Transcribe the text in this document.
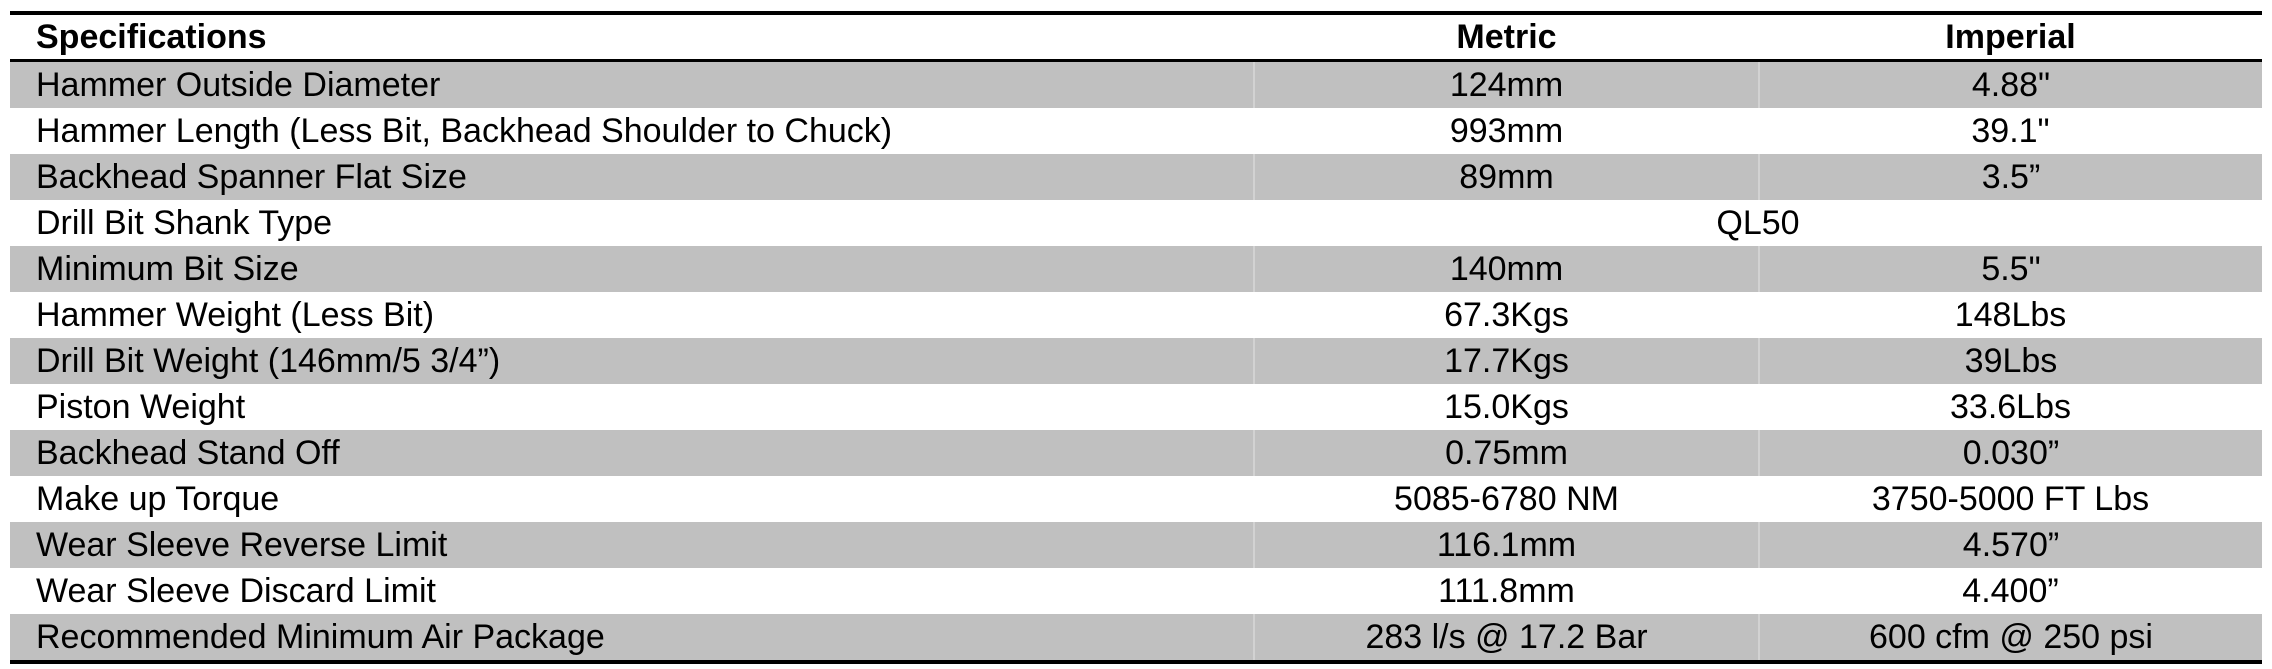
Specifications	Metric	Imperial
Hammer Outside Diameter	124mm	4.88"
Hammer Length (Less Bit, Backhead Shoulder to Chuck)	993mm	39.1"
Backhead Spanner Flat Size	89mm	3.5”
Drill Bit Shank Type	QL50	
Minimum Bit Size	140mm	5.5"
Hammer Weight (Less Bit)	67.3Kgs	148Lbs
Drill Bit Weight (146mm/5 3/4”)	17.7Kgs	39Lbs
Piston Weight	15.0Kgs	33.6Lbs
Backhead Stand Off	0.75mm	0.030”
Make up Torque	5085-6780 NM	3750-5000 FT Lbs
Wear Sleeve Reverse Limit	116.1mm	4.570”
Wear Sleeve Discard Limit	111.8mm	4.400”
Recommended Minimum Air Package	283 l/s @ 17.2 Bar	600 cfm @ 250 psi
